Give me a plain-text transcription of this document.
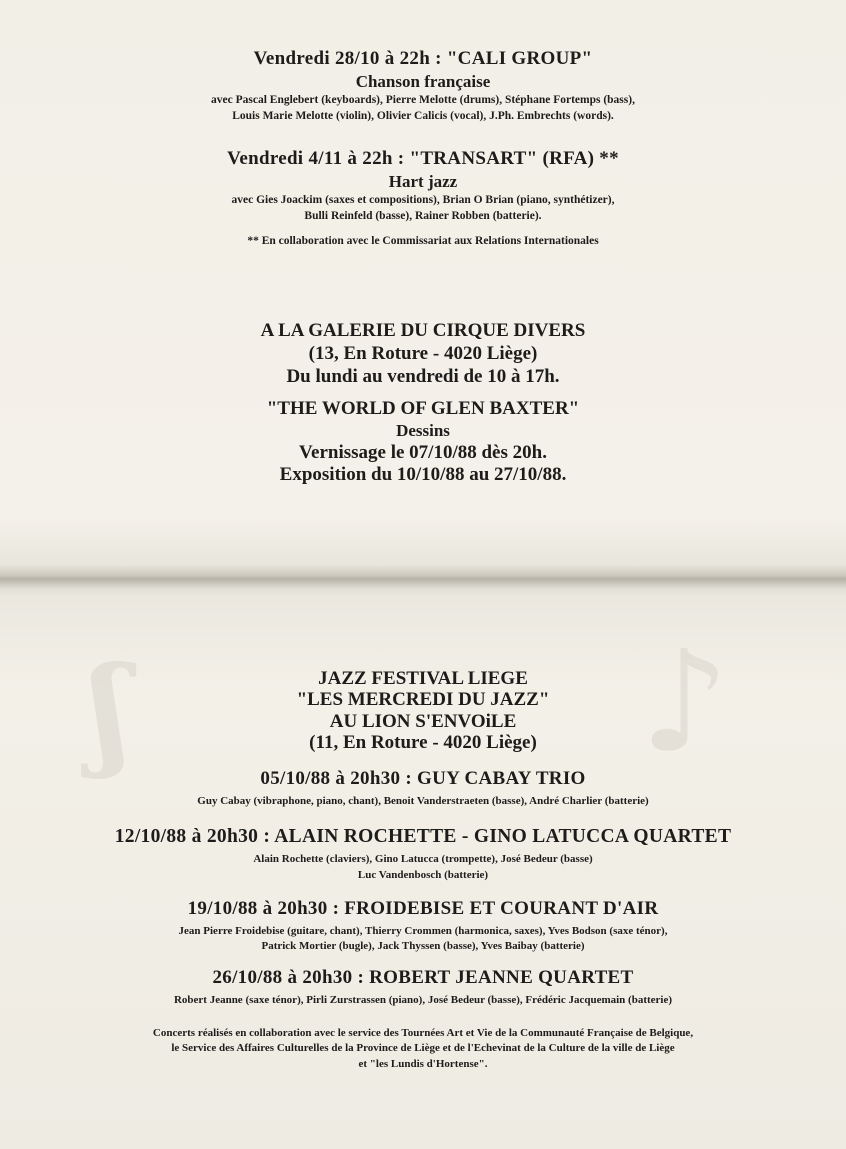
ʃ	♪
Vendredi 28/10 à 22h : "CALI GROUP"
Chanson française
avec Pascal Englebert (keyboards), Pierre Melotte (drums), Stéphane Fortemps (bass),
Louis Marie Melotte (violin), Olivier Calicis (vocal), J.Ph. Embrechts (words).
Vendredi 4/11 à 22h : "TRANSART" (RFA) **
Hart jazz
avec Gies Joackim (saxes et compositions), Brian O Brian (piano, synthétizer),
Bulli Reinfeld (basse), Rainer Robben (batterie).
** En collaboration avec le Commissariat aux Relations Internationales
A LA GALERIE DU CIRQUE DIVERS
(13, En Roture - 4020 Liège)
Du lundi au vendredi de 10 à 17h.
"THE WORLD OF GLEN BAXTER"
Dessins
Vernissage le 07/10/88 dès 20h.
Exposition du 10/10/88 au 27/10/88.
JAZZ FESTIVAL LIEGE
"LES MERCREDI DU JAZZ"
AU LION S'ENVOiLE
(11, En Roture - 4020 Liège)
05/10/88 à 20h30 : GUY CABAY TRIO
Guy Cabay (vibraphone, piano, chant), Benoit Vanderstraeten (basse), André Charlier (batterie)
12/10/88 à 20h30 : ALAIN ROCHETTE - GINO LATUCCA QUARTET
Alain Rochette (claviers), Gino Latucca (trompette), José Bedeur (basse)
Luc Vandenbosch (batterie)
19/10/88 à 20h30 : FROIDEBISE ET COURANT D'AIR
Jean Pierre Froidebise (guitare, chant), Thierry Crommen (harmonica, saxes), Yves Bodson (saxe ténor),
Patrick Mortier (bugle), Jack Thyssen (basse), Yves Baibay (batterie)
26/10/88 à 20h30 : ROBERT JEANNE QUARTET
Robert Jeanne (saxe ténor), Pirli Zurstrassen (piano), José Bedeur (basse), Frédéric Jacquemain (batterie)
Concerts réalisés en collaboration avec le service des Tournées Art et Vie de la Communauté Française de Belgique,
le Service des Affaires Culturelles de la Province de Liège et de l'Echevinat de la Culture de la ville de Liège
et "les Lundis d'Hortense".
